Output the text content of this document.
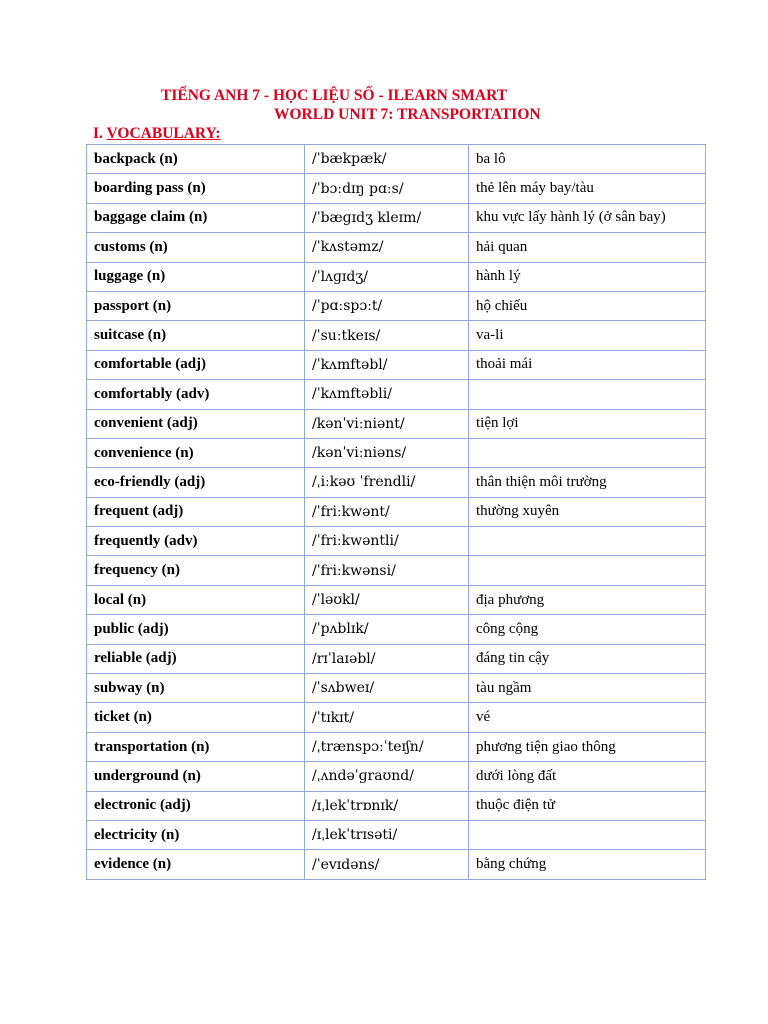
TIẾNG ANH 7 - HỌC LIỆU SỐ - ILEARN SMART
WORLD UNIT 7: TRANSPORTATION
I. VOCABULARY:
backpack (n)	/ˈbækpæk/	ba lô
boarding pass (n)	/ˈbɔːdɪŋ pɑːs/	thẻ lên máy bay/tàu
baggage claim (n)	/ˈbæɡɪdʒ kleɪm/	khu vực lấy hành lý (ở sân bay)
customs (n)	/ˈkʌstəmz/	hải quan
luggage (n)	/ˈlʌɡɪdʒ/	hành lý
passport (n)	/ˈpɑːspɔːt/	hộ chiếu
suitcase (n)	/ˈsuːtkeɪs/	va-li
comfortable (adj)	/ˈkʌmftəbl/	thoải mái
comfortably (adv)	/ˈkʌmftəbli/	
convenient (adj)	/kənˈviːniənt/	tiện lợi
convenience (n)	/kənˈviːniəns/	
eco-friendly (adj)	/ˌiːkəʊ ˈfrendli/	thân thiện môi trường
frequent (adj)	/ˈfriːkwənt/	thường xuyên
frequently (adv)	/ˈfriːkwəntli/	
frequency (n)	/ˈfriːkwənsi/	
local (n)	/ˈləʊkl/	địa phương
public (adj)	/ˈpʌblɪk/	công cộng
reliable (adj)	/rɪˈlaɪəbl/	đáng tin cậy
subway (n)	/ˈsʌbweɪ/	tàu ngầm
ticket (n)	/ˈtɪkɪt/	vé
transportation (n)	/ˌtrænspɔːˈteɪʃn/	phương tiện giao thông
underground (n)	/ˌʌndəˈɡraʊnd/	dưới lòng đất
electronic (adj)	/ɪˌlekˈtrɒnɪk/	thuộc điện tử
electricity (n)	/ɪˌlekˈtrɪsəti/	
evidence (n)	/ˈevɪdəns/	bằng chứng
